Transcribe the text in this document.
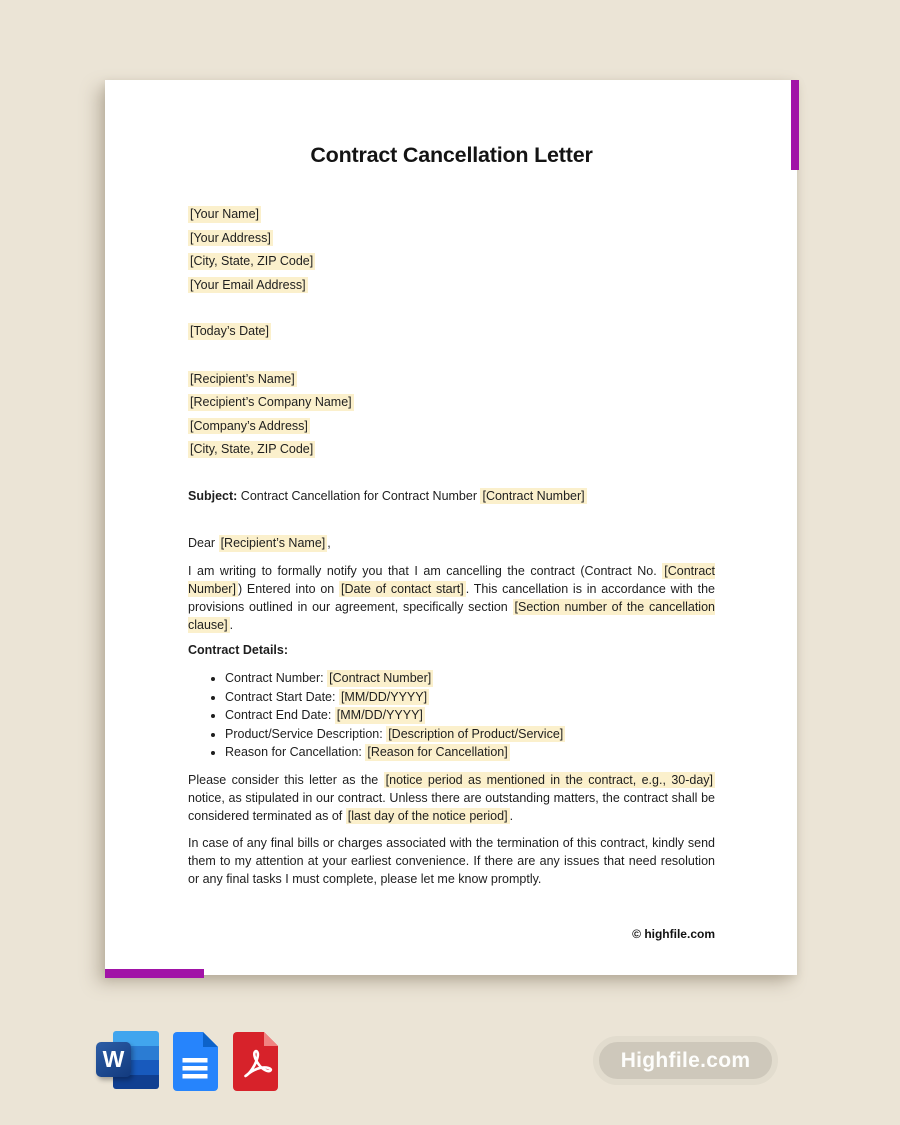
Contract Cancellation Letter
[Your Name]
[Your Address]
[City, State, ZIP Code]
[Your Email Address]
[Today’s Date]
[Recipient’s Name]
[Recipient’s Company Name]
[Company’s Address]
[City, State, ZIP Code]
Subject: Contract Cancellation for Contract Number [Contract Number]
Dear [Recipient’s Name] ,

I am writing to formally notify you that I am cancelling the contract (Contract No. [Contract Number] ) Entered into on [Date of contact start] . This cancellation is in accordance with the provisions outlined in our agreement, specifically section [Section number of the cancellation clause] .

Contract Details:
• Contract Number: [Contract Number]
• Contract Start Date: [MM/DD/YYYY]
• Contract End Date: [MM/DD/YYYY]
• Product/Service Description: [Description of Product/Service]
• Reason for Cancellation: [Reason for Cancellation]

Please consider this letter as the [notice period as mentioned in the contract, e.g., 30-day] notice, as stipulated in our contract. Unless there are outstanding matters, the contract shall be considered terminated as of [last day of the notice period] .

In case of any final bills or charges associated with the termination of this contract, kindly send them to my attention at your earliest convenience. If there are any issues that need resolution or any final tasks I must complete, please let me know promptly.

© highfile.com
W	Highfile.com
